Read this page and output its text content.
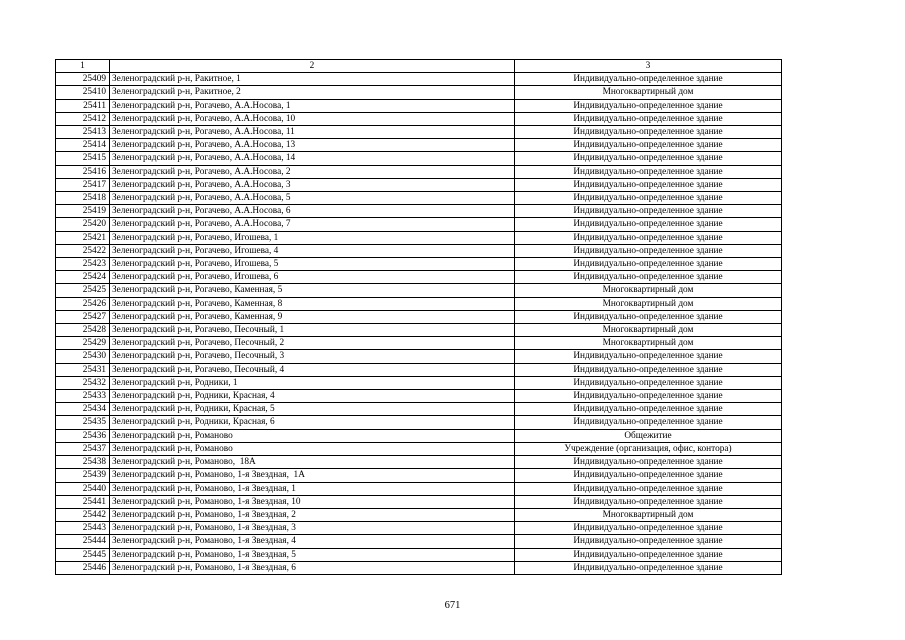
1	2	3
25409	Зеленоградский р-н, Ракитное, 1	Индивидуально-определенное здание
25410	Зеленоградский р-н, Ракитное, 2	Многоквартирный дом
25411	Зеленоградский р-н, Рогачево, А.А.Носова, 1	Индивидуально-определенное здание
25412	Зеленоградский р-н, Рогачево, А.А.Носова, 10	Индивидуально-определенное здание
25413	Зеленоградский р-н, Рогачево, А.А.Носова, 11	Индивидуально-определенное здание
25414	Зеленоградский р-н, Рогачево, А.А.Носова, 13	Индивидуально-определенное здание
25415	Зеленоградский р-н, Рогачево, А.А.Носова, 14	Индивидуально-определенное здание
25416	Зеленоградский р-н, Рогачево, А.А.Носова, 2	Индивидуально-определенное здание
25417	Зеленоградский р-н, Рогачево, А.А.Носова, 3	Индивидуально-определенное здание
25418	Зеленоградский р-н, Рогачево, А.А.Носова, 5	Индивидуально-определенное здание
25419	Зеленоградский р-н, Рогачево, А.А.Носова, 6	Индивидуально-определенное здание
25420	Зеленоградский р-н, Рогачево, А.А.Носова, 7	Индивидуально-определенное здание
25421	Зеленоградский р-н, Рогачево, Игошева, 1	Индивидуально-определенное здание
25422	Зеленоградский р-н, Рогачево, Игошева, 4	Индивидуально-определенное здание
25423	Зеленоградский р-н, Рогачево, Игошева, 5	Индивидуально-определенное здание
25424	Зеленоградский р-н, Рогачево, Игошева, 6	Индивидуально-определенное здание
25425	Зеленоградский р-н, Рогачево, Каменная, 5	Многоквартирный дом
25426	Зеленоградский р-н, Рогачево, Каменная, 8	Многоквартирный дом
25427	Зеленоградский р-н, Рогачево, Каменная, 9	Индивидуально-определенное здание
25428	Зеленоградский р-н, Рогачево, Песочный, 1	Многоквартирный дом
25429	Зеленоградский р-н, Рогачево, Песочный, 2	Многоквартирный дом
25430	Зеленоградский р-н, Рогачево, Песочный, 3	Индивидуально-определенное здание
25431	Зеленоградский р-н, Рогачево, Песочный, 4	Индивидуально-определенное здание
25432	Зеленоградский р-н, Родники, 1	Индивидуально-определенное здание
25433	Зеленоградский р-н, Родники, Красная, 4	Индивидуально-определенное здание
25434	Зеленоградский р-н, Родники, Красная, 5	Индивидуально-определенное здание
25435	Зеленоградский р-н, Родники, Красная, 6	Индивидуально-определенное здание
25436	Зеленоградский р-н, Романово	Общежитие
25437	Зеленоградский р-н, Романово	Учреждение (организация, офис, контора)
25438	Зеленоградский р-н, Романово,  18А	Индивидуально-определенное здание
25439	Зеленоградский р-н, Романово, 1-я Звездная,  1А	Индивидуально-определенное здание
25440	Зеленоградский р-н, Романово, 1-я Звездная, 1	Индивидуально-определенное здание
25441	Зеленоградский р-н, Романово, 1-я Звездная, 10	Индивидуально-определенное здание
25442	Зеленоградский р-н, Романово, 1-я Звездная, 2	Многоквартирный дом
25443	Зеленоградский р-н, Романово, 1-я Звездная, 3	Индивидуально-определенное здание
25444	Зеленоградский р-н, Романово, 1-я Звездная, 4	Индивидуально-определенное здание
25445	Зеленоградский р-н, Романово, 1-я Звездная, 5	Индивидуально-определенное здание
25446	Зеленоградский р-н, Романово, 1-я Звездная, 6	Индивидуально-определенное здание
671
